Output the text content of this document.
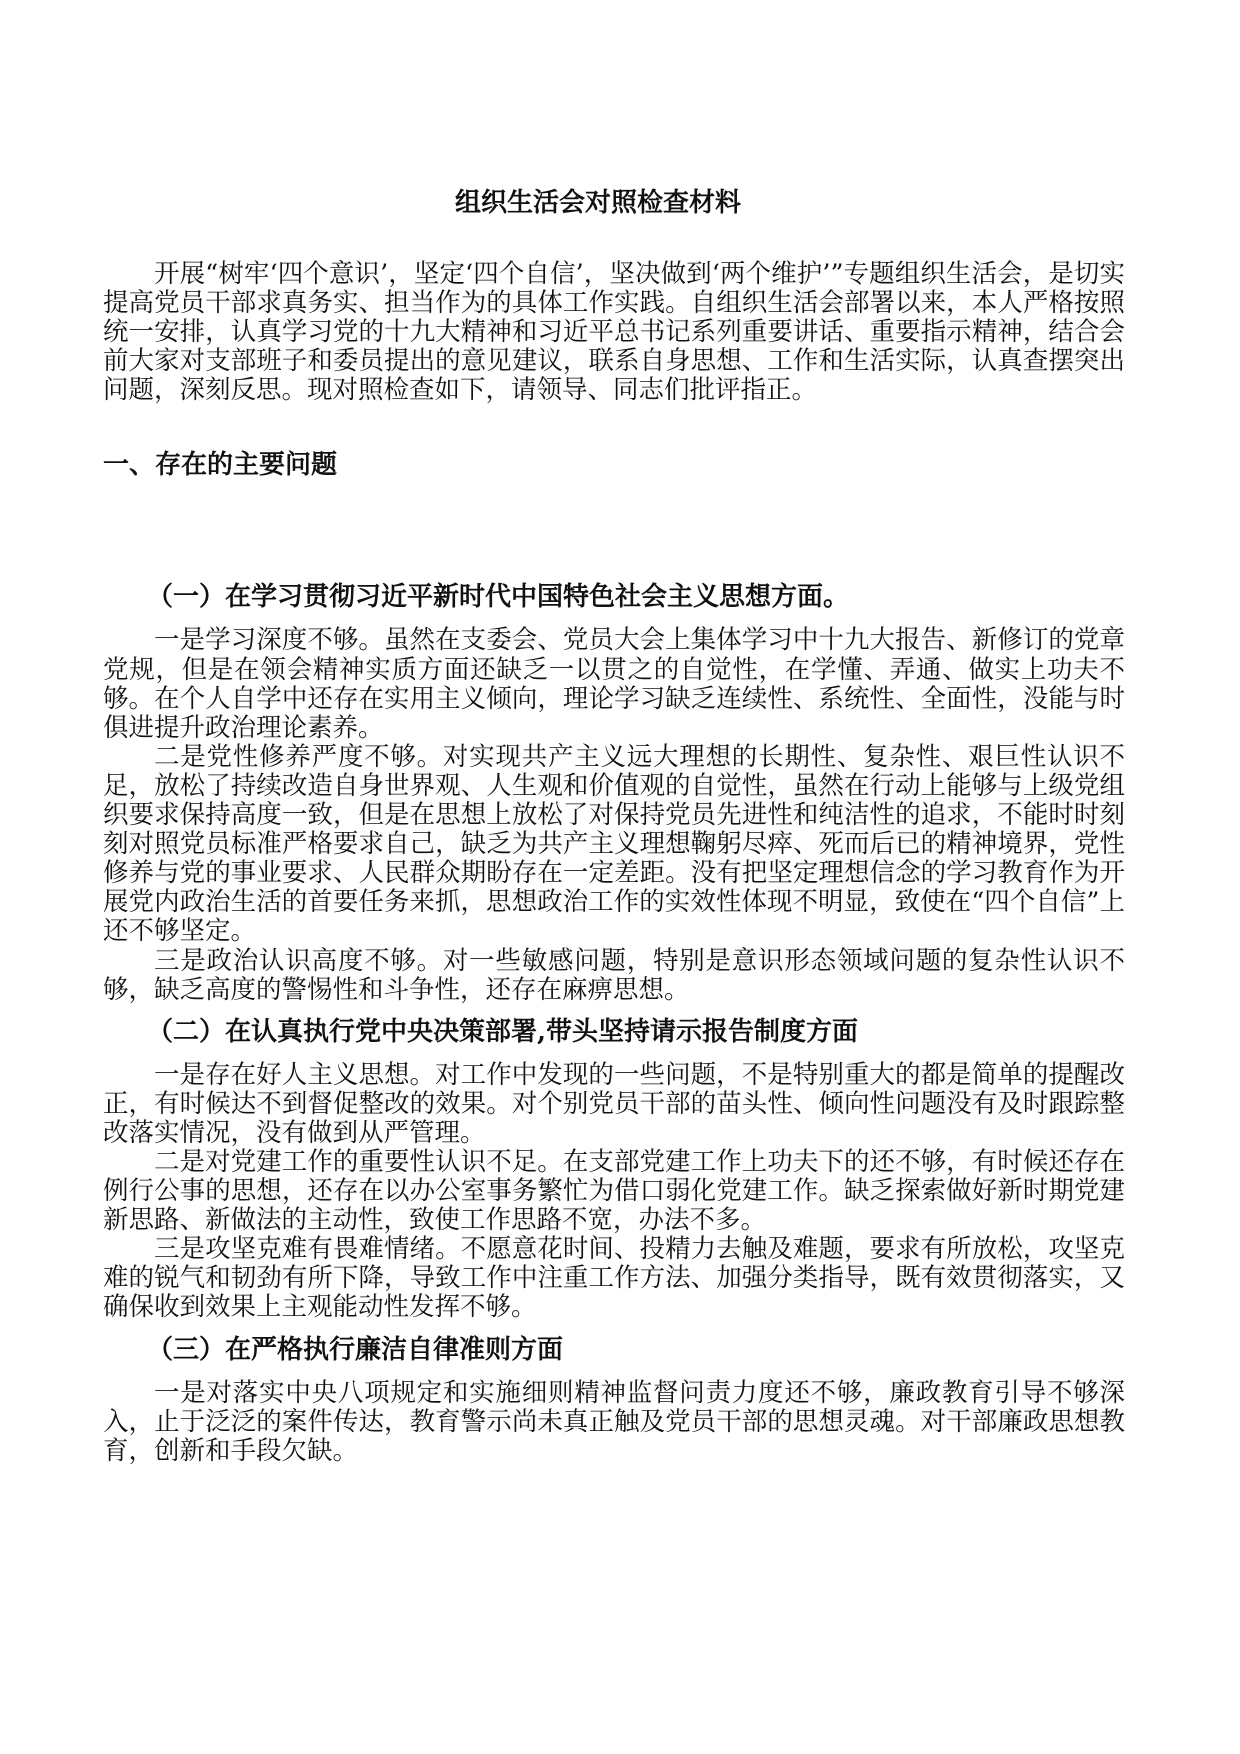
组织生活会对照检查材料

开展“树牢‘四个意识’，坚定‘四个自信’，坚决做到‘两个维护’”专题组织生活会，是切实提高党员干部求真务实、担当作为的具体工作实践。自组织生活会部署以来，本人严格按照统一安排，认真学习党的十九大精神和习近平总书记系列重要讲话、重要指示精神，结合会前大家对支部班子和委员提出的意见建议，联系自身思想、工作和生活实际，认真查摆突出问题，深刻反思。现对照检查如下，请领导、同志们批评指正。

一、存在的主要问题
（一）在学习贯彻习近平新时代中国特色社会主义思想方面。

一是学习深度不够。虽然在支委会、党员大会上集体学习中十九大报告、新修订的党章党规，但是在领会精神实质方面还缺乏一以贯之的自觉性，在学懂、弄通、做实上功夫不够。在个人自学中还存在实用主义倾向，理论学习缺乏连续性、系统性、全面性，没能与时俱进提升政治理论素养。

二是党性修养严度不够。对实现共产主义远大理想的长期性、复杂性、艰巨性认识不足，放松了持续改造自身世界观、人生观和价值观的自觉性，虽然在行动上能够与上级党组织要求保持高度一致，但是在思想上放松了对保持党员先进性和纯洁性的追求，不能时时刻刻对照党员标准严格要求自己，缺乏为共产主义理想鞠躬尽瘁、死而后已的精神境界，党性修养与党的事业要求、人民群众期盼存在一定差距。没有把坚定理想信念的学习教育作为开展党内政治生活的首要任务来抓，思想政治工作的实效性体现不明显，致使在“四个自信”上还不够坚定。

三是政治认识高度不够。对一些敏感问题，特别是意识形态领域问题的复杂性认识不够，缺乏高度的警惕性和斗争性，还存在麻痹思想。

（二）在认真执行党中央决策部署,带头坚持请示报告制度方面

一是存在好人主义思想。对工作中发现的一些问题，不是特别重大的都是简单的提醒改正，有时候达不到督促整改的效果。对个别党员干部的苗头性、倾向性问题没有及时跟踪整改落实情况，没有做到从严管理。

二是对党建工作的重要性认识不足。在支部党建工作上功夫下的还不够，有时候还存在例行公事的思想，还存在以办公室事务繁忙为借口弱化党建工作。缺乏探索做好新时期党建新思路、新做法的主动性，致使工作思路不宽，办法不多。

三是攻坚克难有畏难情绪。不愿意花时间、投精力去触及难题，要求有所放松，攻坚克难的锐气和韧劲有所下降，导致工作中注重工作方法、加强分类指导，既有效贯彻落实，又确保收到效果上主观能动性发挥不够。

（三）在严格执行廉洁自律准则方面

一是对落实中央八项规定和实施细则精神监督问责力度还不够，廉政教育引导不够深入，止于泛泛的案件传达，教育警示尚未真正触及党员干部的思想灵魂。对干部廉政思想教育，创新和手段欠缺。
